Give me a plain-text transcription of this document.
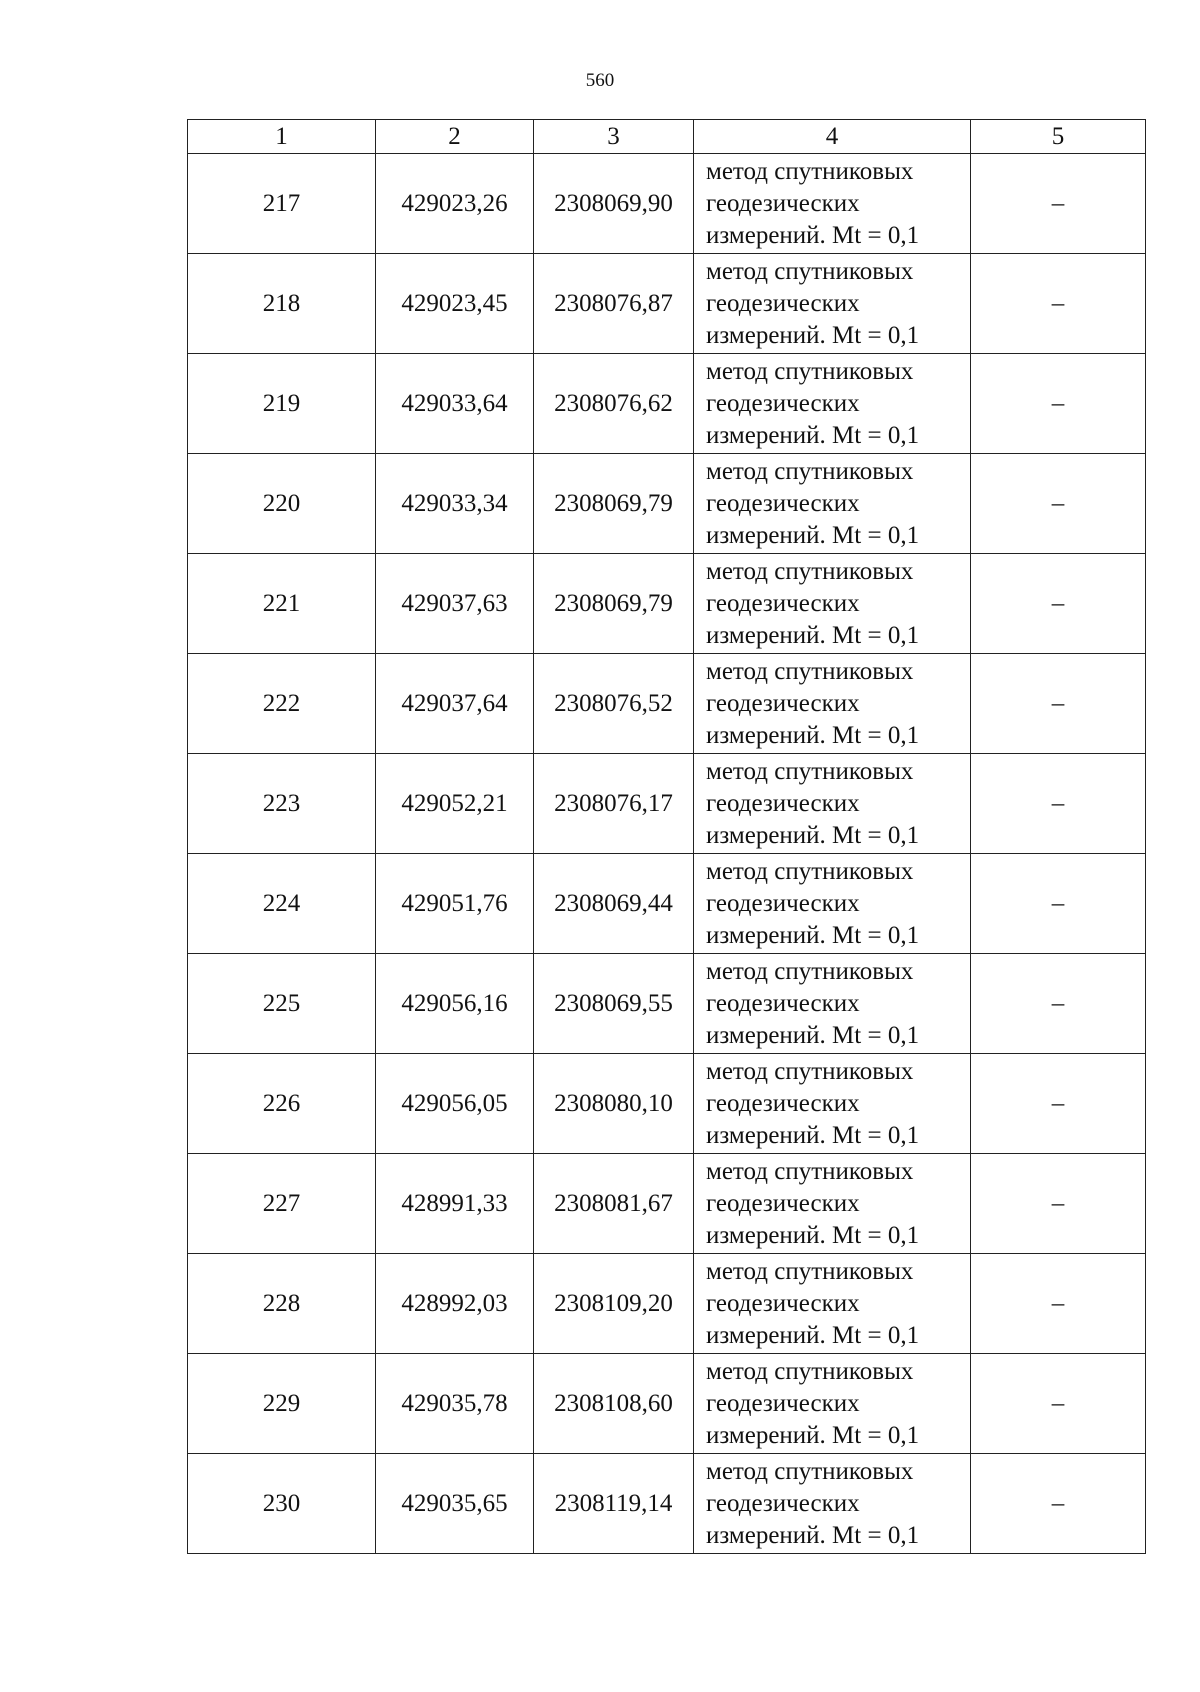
560
1	2	3	4	5
217	429023,26	2308069,90	метод спутниковых
геодезических
измерений. Mt = 0,1	–
218	429023,45	2308076,87	метод спутниковых
геодезических
измерений. Mt = 0,1	–
219	429033,64	2308076,62	метод спутниковых
геодезических
измерений. Mt = 0,1	–
220	429033,34	2308069,79	метод спутниковых
геодезических
измерений. Mt = 0,1	–
221	429037,63	2308069,79	метод спутниковых
геодезических
измерений. Mt = 0,1	–
222	429037,64	2308076,52	метод спутниковых
геодезических
измерений. Mt = 0,1	–
223	429052,21	2308076,17	метод спутниковых
геодезических
измерений. Mt = 0,1	–
224	429051,76	2308069,44	метод спутниковых
геодезических
измерений. Mt = 0,1	–
225	429056,16	2308069,55	метод спутниковых
геодезических
измерений. Mt = 0,1	–
226	429056,05	2308080,10	метод спутниковых
геодезических
измерений. Mt = 0,1	–
227	428991,33	2308081,67	метод спутниковых
геодезических
измерений. Mt = 0,1	–
228	428992,03	2308109,20	метод спутниковых
геодезических
измерений. Mt = 0,1	–
229	429035,78	2308108,60	метод спутниковых
геодезических
измерений. Mt = 0,1	–
230	429035,65	2308119,14	метод спутниковых
геодезических
измерений. Mt = 0,1	–
